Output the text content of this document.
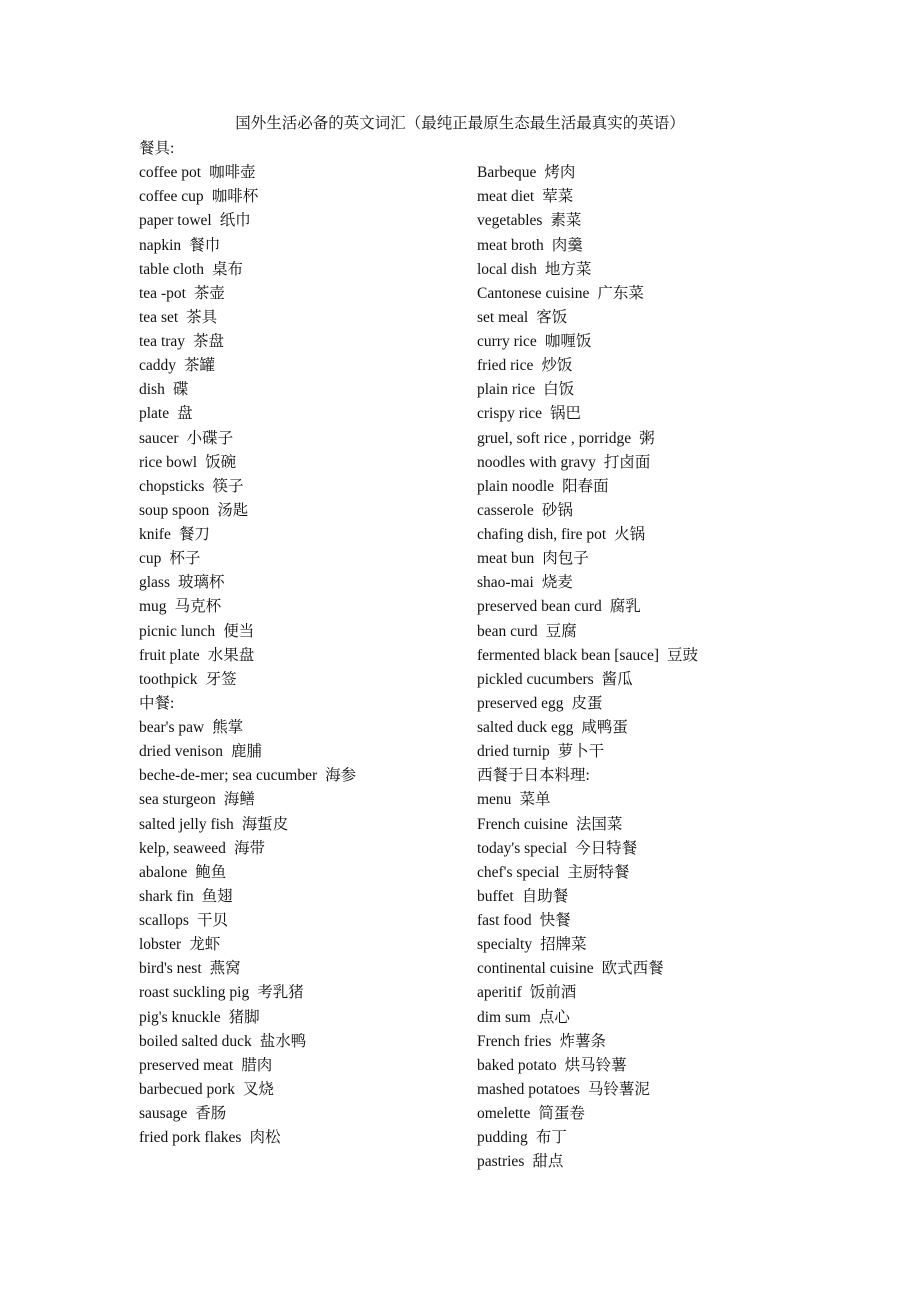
国外生活必备的英文词汇（最纯正最原生态最生活最真实的英语）
餐具:
coffee pot 咖啡壶
coffee cup 咖啡杯
paper towel 纸巾
napkin 餐巾
table cloth 桌布
tea -pot 茶壶
tea set 茶具
tea tray 茶盘
caddy 茶罐
dish 碟
plate 盘
saucer 小碟子
rice bowl 饭碗
chopsticks 筷子
soup spoon 汤匙
knife 餐刀
cup 杯子
glass 玻璃杯
mug 马克杯
picnic lunch 便当
fruit plate 水果盘
toothpick 牙签
中餐:
bear's paw 熊掌
dried venison 鹿脯
beche-de-mer; sea cucumber 海参
sea sturgeon 海鳝
salted jelly fish 海蜇皮
kelp, seaweed 海带
abalone 鲍鱼
shark fin 鱼翅
scallops 干贝
lobster 龙虾
bird's nest 燕窝
roast suckling pig 考乳猪
pig's knuckle 猪脚
boiled salted duck 盐水鸭
preserved meat 腊肉
barbecued pork 叉烧
sausage 香肠
fried pork flakes 肉松
Barbeque 烤肉
meat diet 荤菜
vegetables 素菜
meat broth 肉羹
local dish 地方菜
Cantonese cuisine 广东菜
set meal 客饭
curry rice 咖喱饭
fried rice 炒饭
plain rice 白饭
crispy rice 锅巴
gruel, soft rice , porridge 粥
noodles with gravy 打卤面
plain noodle 阳春面
casserole 砂锅
chafing dish, fire pot 火锅
meat bun 肉包子
shao-mai 烧麦
preserved bean curd 腐乳
bean curd 豆腐
fermented black bean [sauce] 豆豉
pickled cucumbers 酱瓜
preserved egg 皮蛋
salted duck egg 咸鸭蛋
dried turnip 萝卜干
西餐于日本料理:
menu 菜单
French cuisine 法国菜
today's special 今日特餐
chef's special 主厨特餐
buffet 自助餐
fast food 快餐
specialty 招牌菜
continental cuisine 欧式西餐
aperitif 饭前酒
dim sum 点心
French fries 炸薯条
baked potato 烘马铃薯
mashed potatoes 马铃薯泥
omelette 简蛋卷
pudding 布丁
pastries 甜点
